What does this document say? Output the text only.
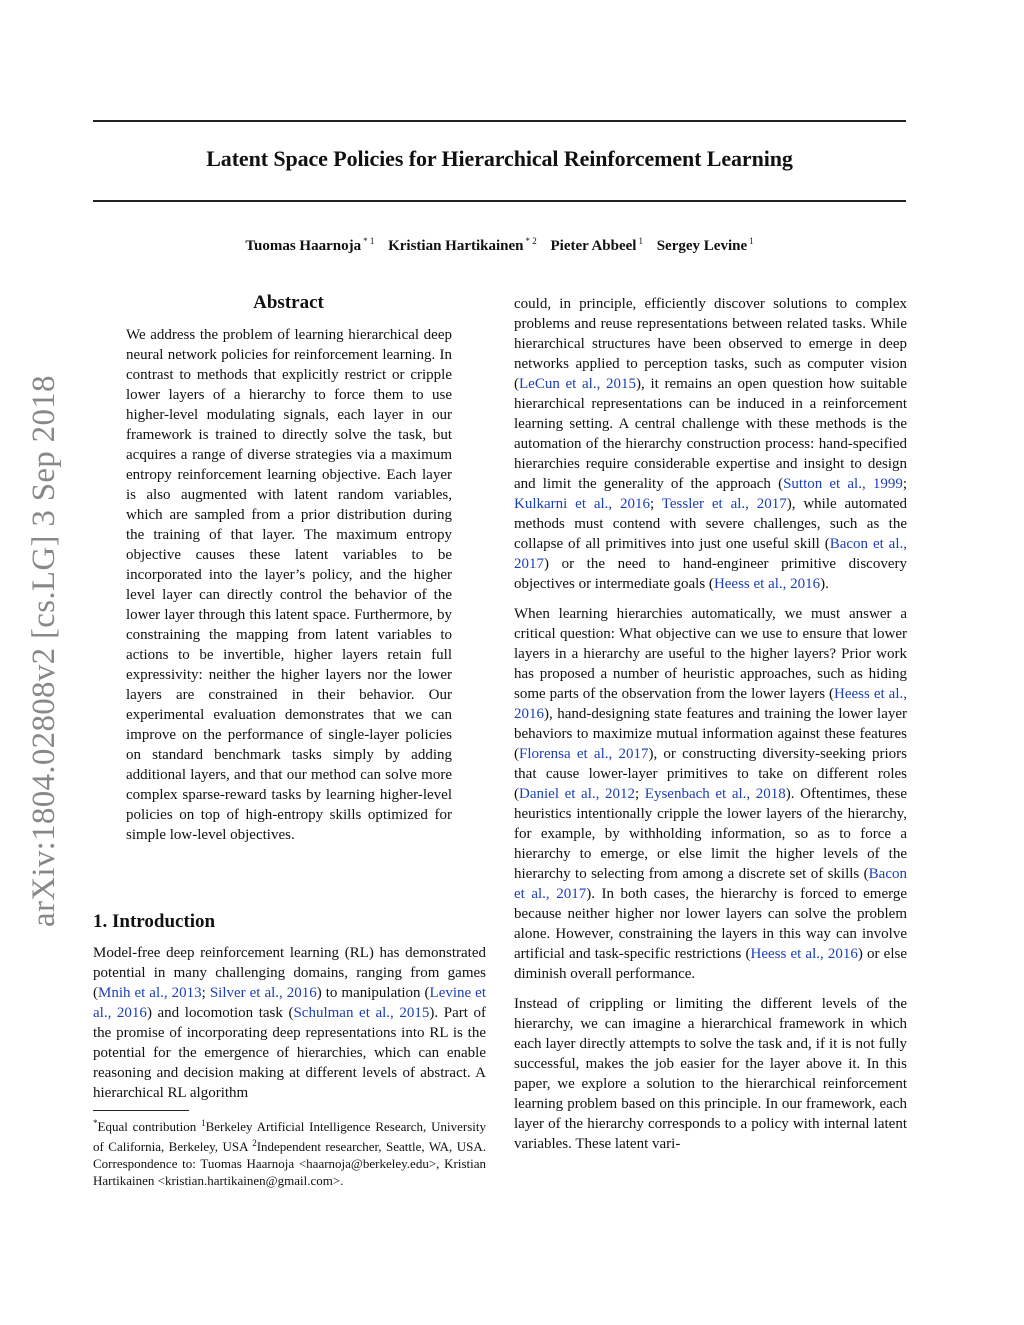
Latent Space Policies for Hierarchical Reinforcement Learning
Tuomas Haarnoja $^{* 1}$ Kristian Hartikainen $^{* 2}$ Pieter Abbeel $^1$ Sergey Levine $^1$
arXiv:1804.02808v2 [cs.LG] 3 Sep 2018
Abstract
We address the problem of learning hierarchical deep neural network policies for reinforcement learning. In contrast to methods that explicitly restrict or cripple lower layers of a hierarchy to force them to use higher-level modulating signals, each layer in our framework is trained to directly solve the task, but acquires a range of diverse strategies via a maximum entropy reinforcement learning objective. Each layer is also augmented with latent random variables, which are sampled from a prior distribution during the training of that layer. The maximum entropy objective causes these latent variables to be incorporated into the layer’s policy, and the higher level layer can directly control the behavior of the lower layer through this latent space. Furthermore, by constraining the mapping from latent variables to actions to be invertible, higher layers retain full expressivity: neither the higher layers nor the lower layers are constrained in their behavior. Our experimental evaluation demonstrates that we can improve on the performance of single-layer policies on standard benchmark tasks simply by adding additional layers, and that our method can solve more complex sparse-reward tasks by learning higher-level policies on top of high-entropy skills optimized for simple low-level objectives.
1. Introduction
Model-free deep reinforcement learning (RL) has demonstrated potential in many challenging domains, ranging from games (Mnih et al., 2013; Silver et al., 2016) to manipulation (Levine et al., 2016) and locomotion task (Schulman et al., 2015). Part of the promise of incorporating deep representations into RL is the potential for the emergence of hierarchies, which can enable reasoning and decision making at different levels of abstract. A hierarchical RL algorithm
*Equal contribution $^1$Berkeley Artificial Intelligence Research, University of California, Berkeley, USA $^2$Independent researcher, Seattle, WA, USA. Correspondence to: Tuomas Haarnoja <haarnoja@berkeley.edu>, Kristian Hartikainen <kristian.hartikainen@gmail.com>.

could, in principle, efficiently discover solutions to complex problems and reuse representations between related tasks. While hierarchical structures have been observed to emerge in deep networks applied to perception tasks, such as computer vision (LeCun et al., 2015), it remains an open question how suitable hierarchical representations can be induced in a reinforcement learning setting. A central challenge with these methods is the automation of the hierarchy construction process: hand-specified hierarchies require considerable expertise and insight to design and limit the generality of the approach (Sutton et al., 1999; Kulkarni et al., 2016; Tessler et al., 2017), while automated methods must contend with severe challenges, such as the collapse of all primitives into just one useful skill (Bacon et al., 2017) or the need to hand-engineer primitive discovery objectives or intermediate goals (Heess et al., 2016).

When learning hierarchies automatically, we must answer a critical question: What objective can we use to ensure that lower layers in a hierarchy are useful to the higher layers? Prior work has proposed a number of heuristic approaches, such as hiding some parts of the observation from the lower layers (Heess et al., 2016), hand-designing state features and training the lower layer behaviors to maximize mutual information against these features (Florensa et al., 2017), or constructing diversity-seeking priors that cause lower-layer primitives to take on different roles (Daniel et al., 2012; Eysenbach et al., 2018). Oftentimes, these heuristics intentionally cripple the lower layers of the hierarchy, for example, by withholding information, so as to force a hierarchy to emerge, or else limit the higher levels of the hierarchy to selecting from among a discrete set of skills (Bacon et al., 2017). In both cases, the hierarchy is forced to emerge because neither higher nor lower layers can solve the problem alone. However, constraining the layers in this way can involve artificial and task-specific restrictions (Heess et al., 2016) or else diminish overall performance.

Instead of crippling or limiting the different levels of the hierarchy, we can imagine a hierarchical framework in which each layer directly attempts to solve the task and, if it is not fully successful, makes the job easier for the layer above it. In this paper, we explore a solution to the hierarchical reinforcement learning problem based on this principle. In our framework, each layer of the hierarchy corresponds to a policy with internal latent variables. These latent vari-
